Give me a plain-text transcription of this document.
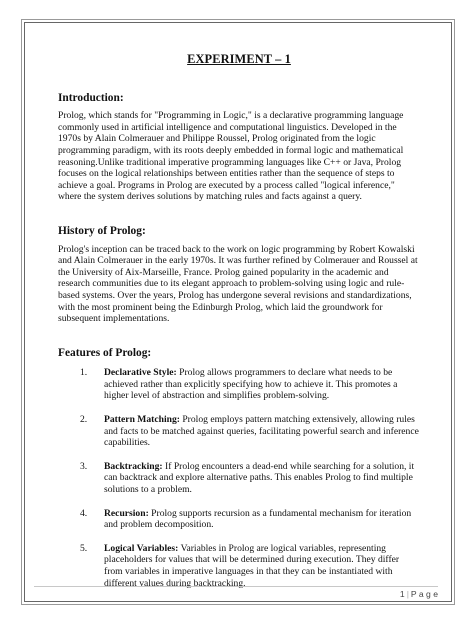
EXPERIMENT – 1
Introduction:

Prolog, which stands for "Programming in Logic," is a declarative programming language commonly used in artificial intelligence and computational linguistics. Developed in the 1970s by Alain Colmerauer and Philippe Roussel, Prolog originated from the logic programming paradigm, with its roots deeply embedded in formal logic and mathematical reasoning.Unlike traditional imperative programming languages like C++ or Java, Prolog focuses on the logical relationships between entities rather than the sequence of steps to achieve a goal. Programs in Prolog are executed by a process called "logical inference," where the system derives solutions by matching rules and facts against a query.

History of Prolog:

Prolog's inception can be traced back to the work on logic programming by Robert Kowalski and Alain Colmerauer in the early 1970s. It was further refined by Colmerauer and Roussel at the University of Aix-Marseille, France. Prolog gained popularity in the academic and research communities due to its elegant approach to problem-solving using logic and rule-based systems. Over the years, Prolog has undergone several revisions and standardizations, with the most prominent being the Edinburgh Prolog, which laid the groundwork for subsequent implementations.

Features of Prolog:
1.	Declarative Style: Prolog allows programmers to declare what needs to be achieved rather than explicitly specifying how to achieve it. This promotes a higher level of abstraction and simplifies problem-solving.
2.	Pattern Matching: Prolog employs pattern matching extensively, allowing rules and facts to be matched against queries, facilitating powerful search and inference capabilities.
3.	Backtracking: If Prolog encounters a dead-end while searching for a solution, it can backtrack and explore alternative paths. This enables Prolog to find multiple solutions to a problem.
4.	Recursion: Prolog supports recursion as a fundamental mechanism for iteration and problem decomposition.
5.	Logical Variables: Variables in Prolog are logical variables, representing placeholders for values that will be determined during execution. They differ from variables in imperative languages in that they can be instantiated with different values during backtracking.
1 | P a g e
